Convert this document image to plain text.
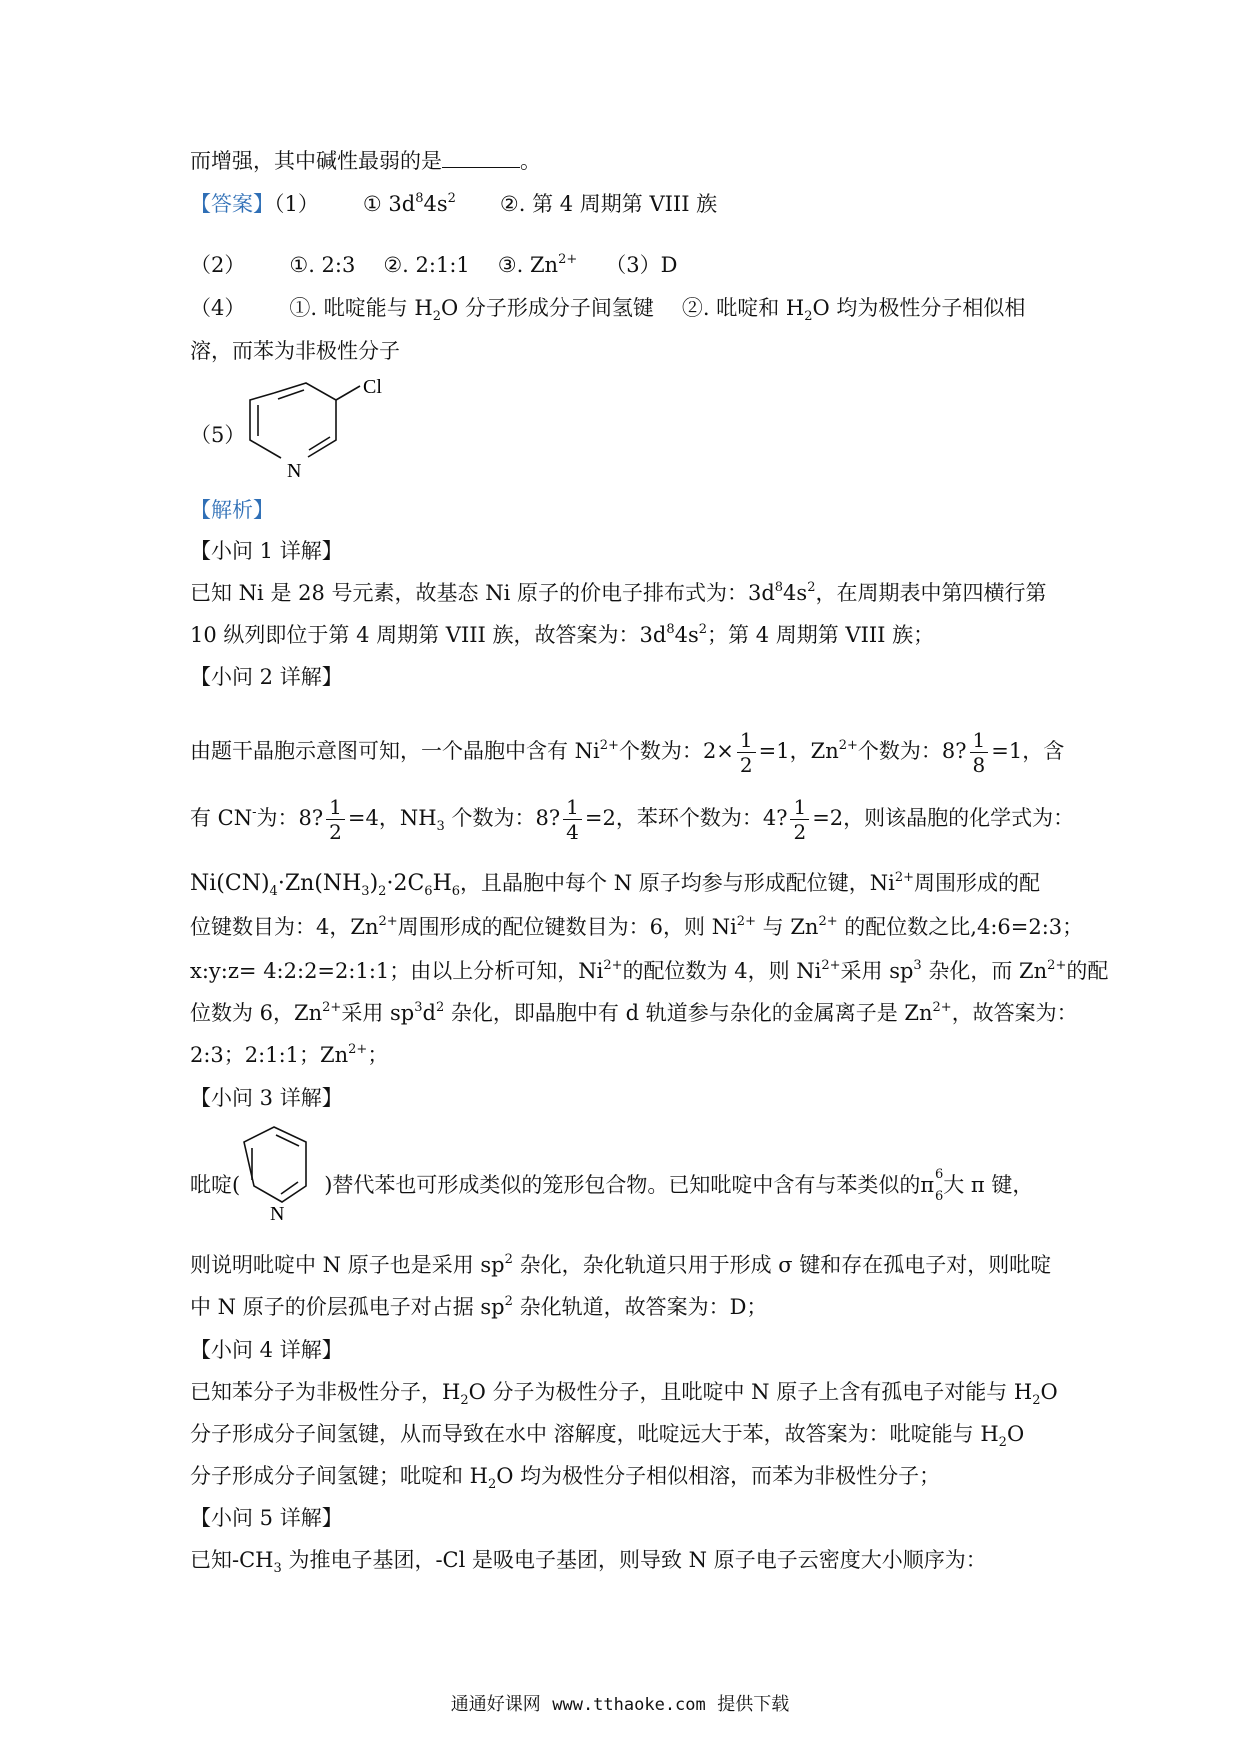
而增强，其中碱性最弱的是	。
【答案】（1） ① $3d^84s^2$ ②. 第 4 周期第 VIII 族
（2） ①. 2:3 ②. 2:1:1 ③. $Zn^{2+}$ （3）D
（4） ①. 吡啶能与 $H_2O$ 分子形成分子间氢键 ②. 吡啶和 $H_2O$ 均为极性分子相似相
溶，而苯为非极性分子
（5）
Cl
N
【解析】
【小问 1 详解】
已知 Ni 是 28 号元素，故基态 Ni 原子的价电子排布式为：$3d^84s^2$，在周期表中第四横行第
10 纵列即位于第 4 周期第 VIII 族，故答案为：$3d^84s^2$；第 4 周期第 VIII 族；
【小问 2 详解】
由题干晶胞示意图可知，一个晶胞中含有 $Ni^{2+}$个数为：$2\times \frac{1}{2} =1$，$Zn^{2+}$个数为：8? $\frac{1}{8} =1$，含
有 CN-为：8? $\frac{1}{2} =4$，$NH_3$ 个数为：8? $\frac{1}{4} =2$，苯环个数为：4? $\frac{1}{2} =2$，则该晶胞的化学式为：
$Ni(CN)_4\cdot Zn(NH_3)_2\cdot 2C_6H_6$，且晶胞中每个 N 原子均参与形成配位键，$Ni^{2+}$周围形成的配
位键数目为：4，$Zn^{2+}$周围形成的配位键数目为：6，则 $Ni^{2+}$ 与 $Zn^{2+}$ 的配位数之比,4:6=2:3；
x:y:z= 4:2:2=2:1:1；由以上分析可知，$Ni^{2+}$的配位数为 4，则 $Ni^{2+}$采用 $sp^3$ 杂化，而 $Zn^{2+}$的配
位数为 6，$Zn^{2+}$采用 $sp^3d^2$ 杂化，即晶胞中有 d 轨道参与杂化的金属离子是 $Zn^{2+}$，故答案为：
2:3；2:1:1；$Zn^{2+}$；
【小问 3 详解】
吡啶(	)替代苯也可形成类似的笼形包合物。已知吡啶中含有与苯类似的π 6
6 大 π 键，
N
则说明吡啶中 N 原子也是采用 $sp^2$ 杂化，杂化轨道只用于形成 σ 键和存在孤电子对，则吡啶
中 N 原子的价层孤电子对占据 $sp^2$ 杂化轨道，故答案为：D；
【小问 4 详解】
已知苯分子为非极性分子，$H_2O$ 分子为极性分子，且吡啶中 N 原子上含有孤电子对能与 $H_2O$
分子形成分子间氢键，从而导致在水中 溶解度，吡啶远大于苯，故答案为：吡啶能与 $H_2O$
分子形成分子间氢键；吡啶和 $H_2O$ 均为极性分子相似相溶，而苯为非极性分子；
【小问 5 详解】
已知$-CH_3$ 为推电子基团，-Cl 是吸电子基团，则导致 N 原子电子云密度大小顺序为：
通通好课网 www.tthaoke.com 提供下载
